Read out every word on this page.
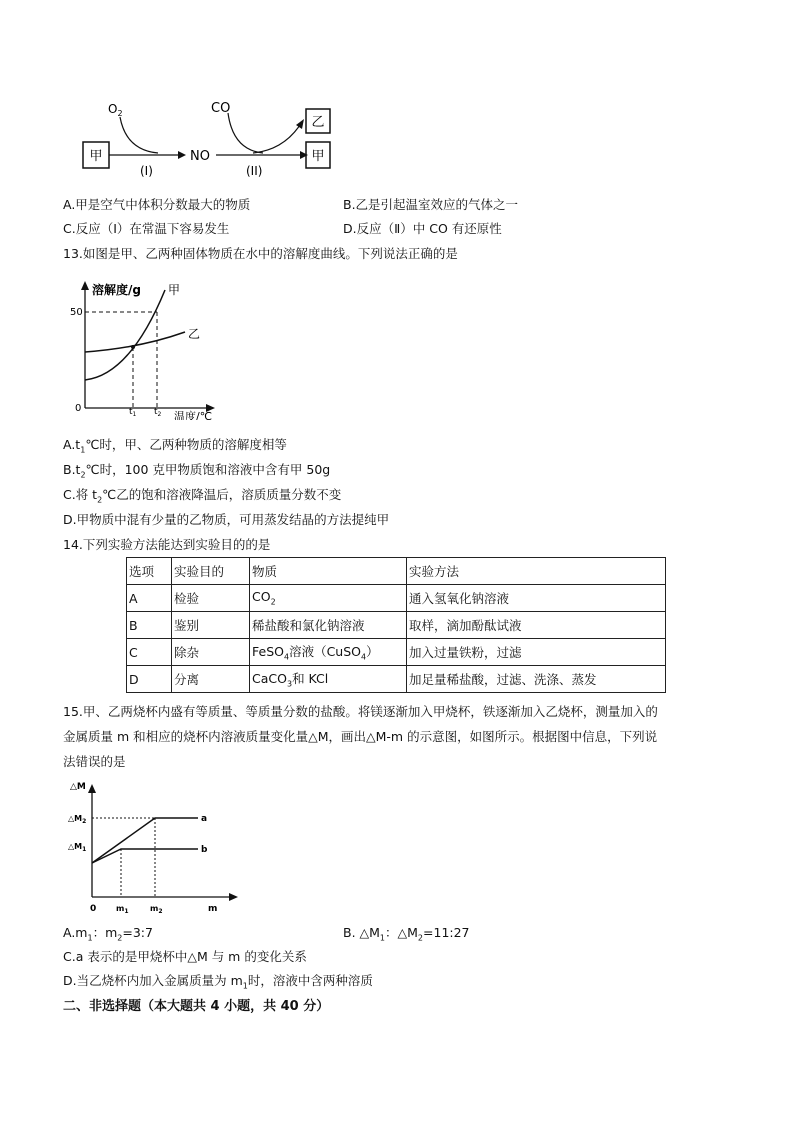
甲
$O_2$
(I)
NO
CO
(II)
乙
甲
A.甲是空气中体积分数最大的物质	B.乙是引起温室效应的气体之一
C.反应（I）在常温下容易发生	D.反应（Ⅱ）中 CO 有还原性
13.如图是甲、乙两种固体物质在水中的溶解度曲线。下列说法正确的是
溶解度/g
温度/℃
0
50
甲
乙
$t_1$ $t_2$
$A.t_1℃$时，甲、乙两种物质的溶解度相等
$B.t_2℃$时，100 克甲物质饱和溶液中含有甲 50g
C.将 $t_2℃$乙的饱和溶液降温后，溶质质量分数不变
D.甲物质中混有少量的乙物质，可用蒸发结晶的方法提纯甲
14.下列实验方法能达到实验目的的是
选项	实验目的	物质	实验方法
A	检验	$CO_2$	通入氢氧化钠溶液
B	鉴别	稀盐酸和氯化钠溶液	取样，滴加酚酞试液
C	除杂	FeSO$_4$溶液（CuSO$_4$）	加入过量铁粉，过滤
D	分离	CaCO$_3$和 KCl	加足量稀盐酸，过滤、洗涤、蒸发
15.甲、乙两烧杯内盛有等质量、等质量分数的盐酸。将镁逐渐加入甲烧杯，铁逐渐加入乙烧杯，测量加入的
金属质量 m 和相应的烧杯内溶液质量变化量△M，画出△M-m 的示意图，如图所示。根据图中信息，下列说
法错误的是
△M
m
0
a
b
$\triangle M_2$
$\triangle M_1$
$m_1$	$m_2$
$A.m_1$：$m_2=3:7$	B. $\triangle M_1$：$\triangle M_2=11:27$
C.a 表示的是甲烧杯中△M 与 m 的变化关系
D.当乙烧杯内加入金属质量为 $m_1$时，溶液中含两种溶质
二、非选择题（本大题共 4 小题，共 40 分）
